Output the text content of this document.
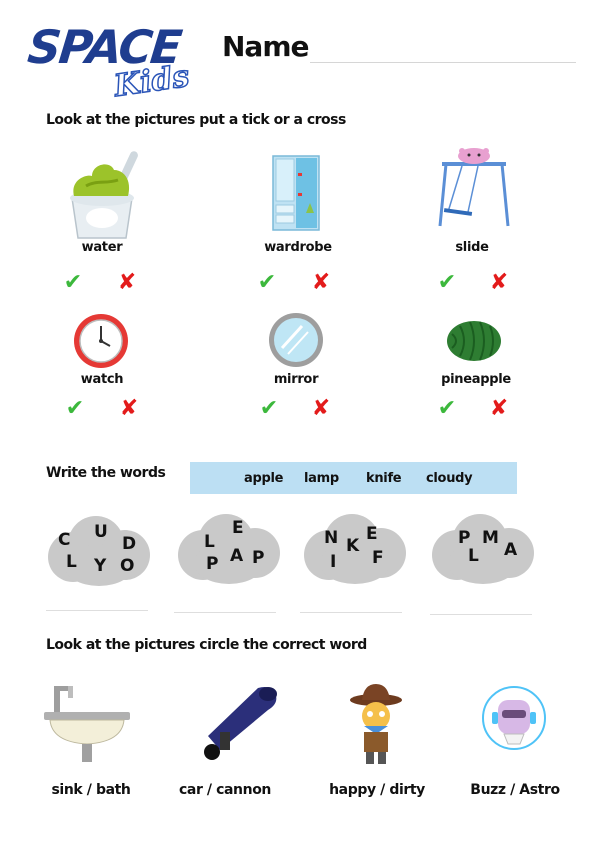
SPACE
Kids
Name
Look at the pictures put a tick or a cross
water
✔ ✘
wardrobe
✔ ✘
slide
✔ ✘
watch
✔ ✘
mirror
✔ ✘
pineapple
✔ ✘
Write the words	apple lamp knife cloudy
C U
D
L Y O
E
L
P
A
P
N E
K
I F
P M
A
L
Look at the pictures circle the correct word
sink / bath	car / cannon	happy / dirty	Buzz / Astro
